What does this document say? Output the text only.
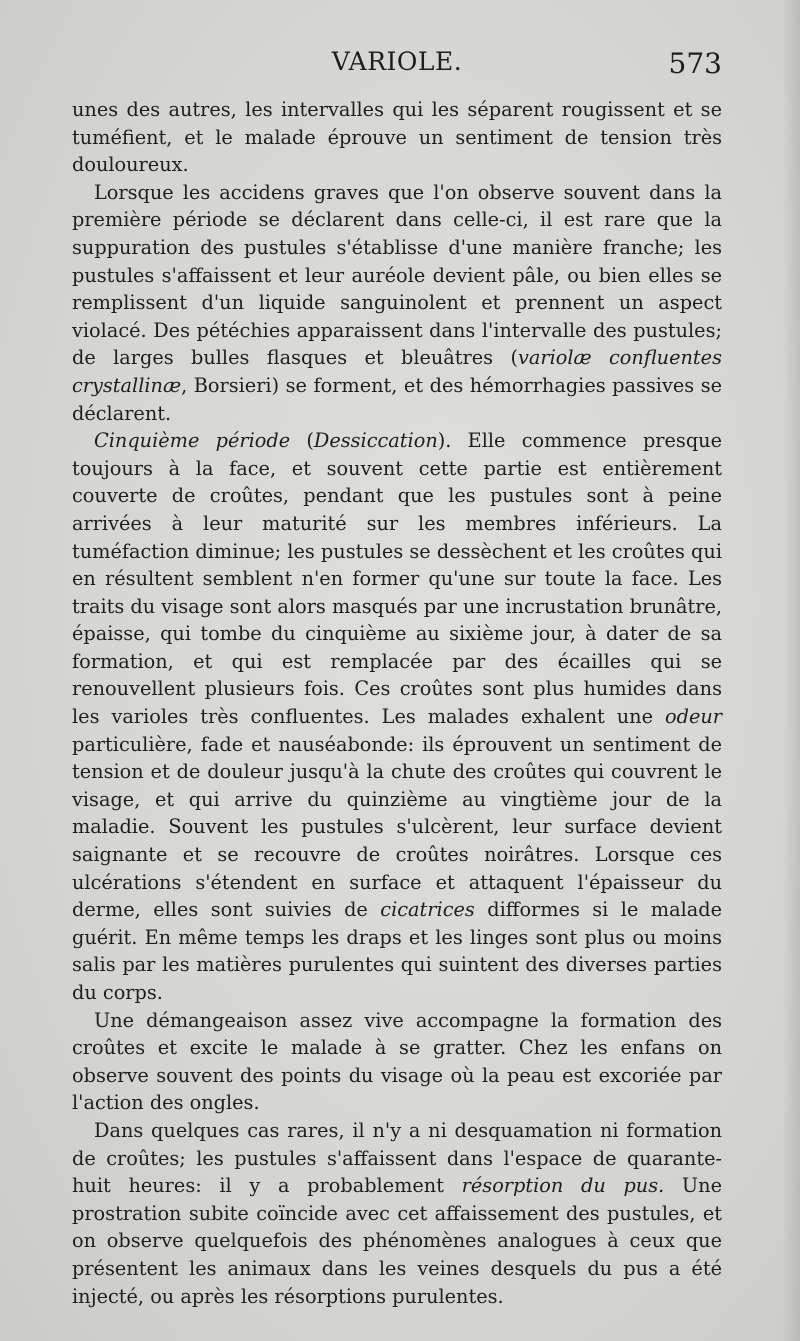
VARIOLE.	573

unes des autres, les intervalles qui les séparent rougissent et se tuméfient, et le malade éprouve un sentiment de tension très douloureux.

Lorsque les accidens graves que l'on observe souvent dans la première période se déclarent dans celle-ci, il est rare que la suppuration des pustules s'établisse d'une manière franche; les pustules s'affaissent et leur auréole devient pâle, ou bien elles se remplissent d'un liquide sanguinolent et prennent un aspect violacé. Des pétéchies apparaissent dans l'intervalle des pustules; de larges bulles flasques et bleuâtres (variolæ confluentes crystallinæ, Borsieri) se forment, et des hémorrhagies passives se déclarent.

Cinquième période (Dessiccation). Elle commence presque toujours à la face, et souvent cette partie est entièrement couverte de croûtes, pendant que les pustules sont à peine arrivées à leur maturité sur les membres inférieurs. La tuméfaction diminue; les pustules se dessèchent et les croûtes qui en résultent semblent n'en former qu'une sur toute la face. Les traits du visage sont alors masqués par une incrustation brunâtre, épaisse, qui tombe du cinquième au sixième jour, à dater de sa formation, et qui est remplacée par des écailles qui se renouvellent plusieurs fois. Ces croûtes sont plus humides dans les varioles très confluentes. Les malades exhalent une odeur particulière, fade et nauséabonde: ils éprouvent un sentiment de tension et de douleur jusqu'à la chute des croûtes qui couvrent le visage, et qui arrive du quinzième au vingtième jour de la maladie. Souvent les pustules s'ulcèrent, leur surface devient saignante et se recouvre de croûtes noirâtres. Lorsque ces ulcérations s'étendent en surface et attaquent l'épaisseur du derme, elles sont suivies de cicatrices difformes si le malade guérit. En même temps les draps et les linges sont plus ou moins salis par les matières purulentes qui suintent des diverses parties du corps.

Une démangeaison assez vive accompagne la formation des croûtes et excite le malade à se gratter. Chez les enfans on observe souvent des points du visage où la peau est excoriée par l'action des ongles.

Dans quelques cas rares, il n'y a ni desquamation ni formation de croûtes; les pustules s'affaissent dans l'espace de quarante-huit heures: il y a probablement résorption du pus. Une prostration subite coïncide avec cet affaissement des pustules, et on observe quelquefois des phénomènes analogues à ceux que présentent les animaux dans les veines desquels du pus a été injecté, ou après les résorptions purulentes.
